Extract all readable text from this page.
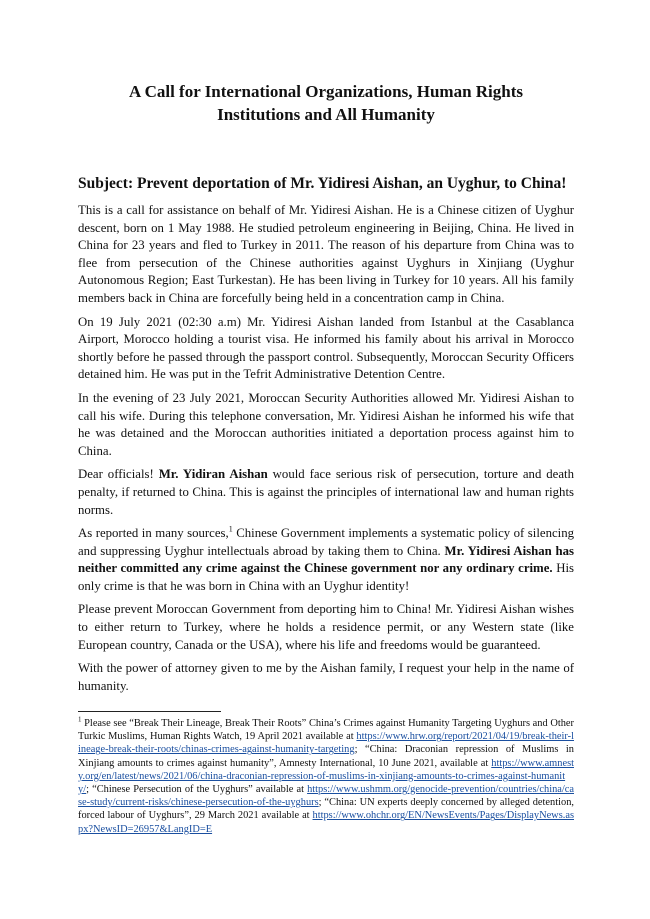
A Call for International Organizations, Human Rights
Institutions and All Humanity
Subject: Prevent deportation of Mr. Yidiresi Aishan, an Uyghur, to China!

This is a call for assistance on behalf of Mr. Yidiresi Aishan. He is a Chinese citizen of Uyghur descent, born on 1 May 1988. He studied petroleum engineering in Beijing, China. He lived in China for 23 years and fled to Turkey in 2011. The reason of his departure from China was to flee from persecution of the Chinese authorities against Uyghurs in Xinjiang (Uyghur Autonomous Region; East Turkestan). He has been living in Turkey for 10 years. All his family members back in China are forcefully being held in a concentration camp in China.

On 19 July 2021 (02:30 a.m) Mr. Yidiresi Aishan landed from Istanbul at the Casablanca Airport, Morocco holding a tourist visa. He informed his family about his arrival in Morocco shortly before he passed through the passport control. Subsequently, Moroccan Security Officers detained him. He was put in the Tefrit Administrative Detention Centre.

In the evening of 23 July 2021, Moroccan Security Authorities allowed Mr. Yidiresi Aishan to call his wife. During this telephone conversation, Mr. Yidiresi Aishan he informed his wife that he was detained and the Moroccan authorities initiated a deportation process against him to China.

Dear officials! Mr. Yidiran Aishan would face serious risk of persecution, torture and death penalty, if returned to China. This is against the principles of international law and human rights norms.

As reported in many sources,$^1$ Chinese Government implements a systematic policy of silencing and suppressing Uyghur intellectuals abroad by taking them to China. Mr. Yidiresi Aishan has neither committed any crime against the Chinese government nor any ordinary crime. His only crime is that he was born in China with an Uyghur identity!

Please prevent Moroccan Government from deporting him to China! Mr. Yidiresi Aishan wishes to either return to Turkey, where he holds a residence permit, or any Western state (like European country, Canada or the USA), where his life and freedoms would be guaranteed.

With the power of attorney given to me by the Aishan family, I request your help in the name of humanity.

$^1$ Please see “Break Their Lineage, Break Their Roots” China’s Crimes against Humanity Targeting Uyghurs and Other Turkic Muslims, Human Rights Watch, 19 April 2021 available at https://www.hrw.org/report/2021/04/19/break-their-lineage-break-their-roots/chinas-crimes-against-humanity-targeting; “China: Draconian repression of Muslims in Xinjiang amounts to crimes against humanity”, Amnesty International, 10 June 2021, available at https://www.amnesty.org/en/latest/news/2021/06/china-draconian-repression-of-muslims-in-xinjiang-amounts-to-crimes-against-humanity/; “Chinese Persecution of the Uyghurs” available at https://www.ushmm.org/genocide-prevention/countries/china/case-study/current-risks/chinese-persecution-of-the-uyghurs; “China: UN experts deeply concerned by alleged detention, forced labour of Uyghurs”, 29 March 2021 available at https://www.ohchr.org/EN/NewsEvents/Pages/DisplayNews.aspx?NewsID=26957&LangID=E
